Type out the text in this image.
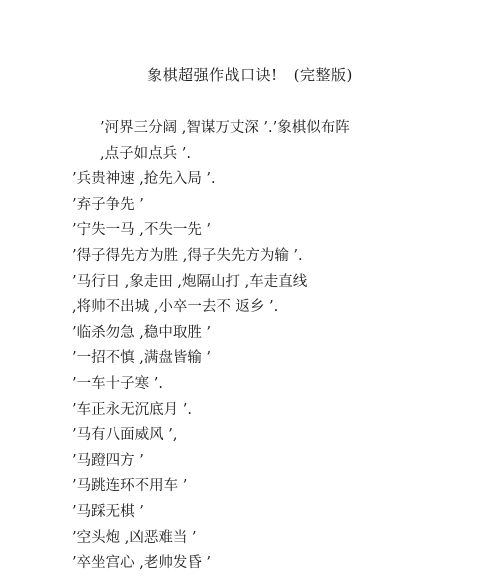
象棋超强作战口诀! (完整版)
’河界三分阔 ,智谋万丈深 ’.’象棋似布阵
,点子如点兵 ’.
’兵贵神速 ,抢先入局 ’.
’弃子争先 ’
’宁失一马 ,不失一先 ’
’得子得先方为胜 ,得子失先方为输 ’.
’马行日 ,象走田 ,炮隔山打 ,车走直线
,将帅不出城 ,小卒一去不 返乡 ’.
’临杀勿急 ,稳中取胜 ’
’一招不慎 ,满盘皆输 ’
’一车十子寒 ’.
’车正永无沉底月 ’.
’马有八面威风 ’,
’马蹬四方 ’
’马跳连环不用车 ’
’马踩无棋 ’
’空头炮 ,凶恶难当 ’
’卒坐宫心 ,老帅发昏 ’
